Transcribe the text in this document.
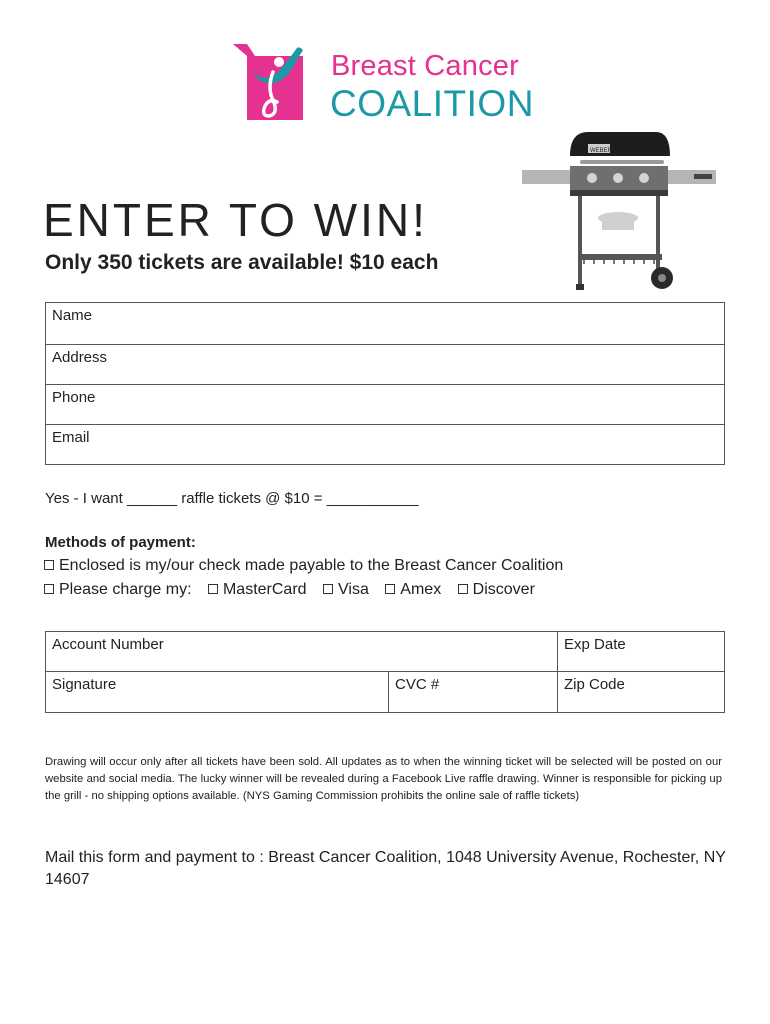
Breast Cancer
COALITION
WEBER
ENTER TO WIN!
Only 350 tickets are available! $10 each
Name
Address
Phone
Email
Yes - I want ______ raffle tickets @ $10 = ___________
Methods of payment:
Enclosed is my/our check made payable to the Breast Cancer Coalition
Please charge my: MasterCard Visa Amex Discover
Account Number	Exp Date
Signature	CVC #	Zip Code
Drawing will occur only after all tickets have been sold. All updates as to when the winning ticket will be selected will be posted on our website and social media. The lucky winner will be revealed during a Facebook Live raffle drawing. Winner is responsible for picking up the grill - no shipping options available. (NYS Gaming Commission prohibits the online sale of raffle tickets)
Mail this form and payment to : Breast Cancer Coalition, 1048 University Avenue, Rochester, NY 14607
